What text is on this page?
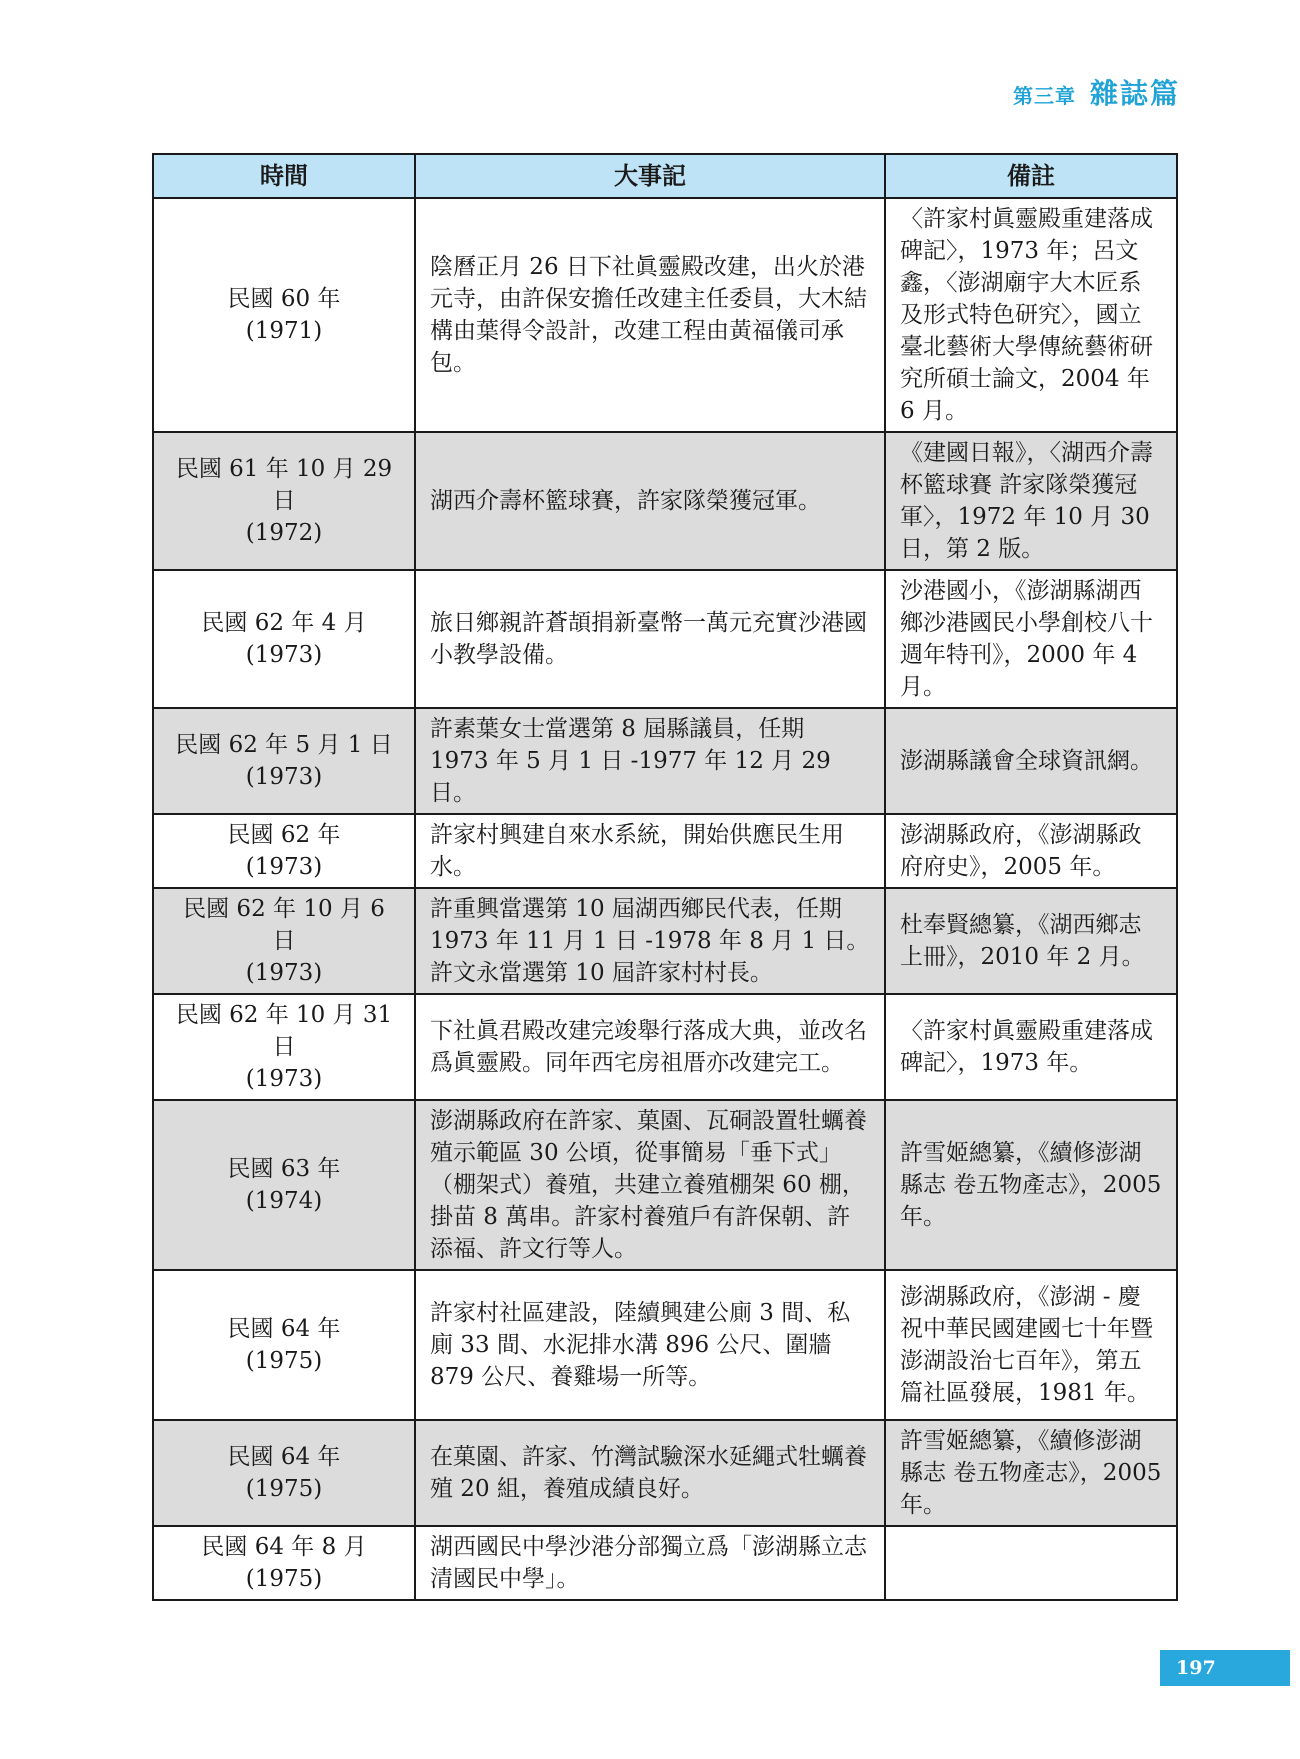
第三章 雜誌篇
時間	大事記	備註

民國 60 年
(1971)	陰曆正月 26 日下社眞靈殿改建，出火於港元寺，由許保安擔任改建主任委員，大木結構由葉得令設計，改建工程由黃福儀司承包。	〈許家村眞靈殿重建落成碑記〉，1973 年；呂文鑫，〈澎湖廟宇大木匠系及形式特色研究〉，國立臺北藝術大學傳統藝術研究所碩士論文，2004 年 6 月。

民國 61 年 10 月 29 日
(1972)	湖西介壽杯籃球賽，許家隊榮獲冠軍。	《建國日報》，〈湖西介壽杯籃球賽 許家隊榮獲冠軍〉，1972 年 10 月 30 日，第 2 版。

民國 62 年 4 月
(1973)	旅日鄉親許蒼頡捐新臺幣一萬元充實沙港國小教學設備。	沙港國小，《澎湖縣湖西鄉沙港國民小學創校八十週年特刊》，2000 年 4 月。

民國 62 年 5 月 1 日
(1973)	許素葉女士當選第 8 屆縣議員，任期 1973 年 5 月 1 日 -1977 年 12 月 29 日。	澎湖縣議會全球資訊網。

民國 62 年
(1973)	許家村興建自來水系統，開始供應民生用水。	澎湖縣政府，《澎湖縣政府府史》，2005 年。

民國 62 年 10 月 6 日
(1973)	許重興當選第 10 屆湖西鄉民代表，任期 1973 年 11 月 1 日 -1978 年 8 月 1 日。許文永當選第 10 屆許家村村長。	杜奉賢總纂，《湖西鄉志上冊》，2010 年 2 月。

民國 62 年 10 月 31 日
(1973)	下社眞君殿改建完竣舉行落成大典，並改名爲眞靈殿。同年西宅房祖厝亦改建完工。	〈許家村眞靈殿重建落成碑記〉，1973 年。

民國 63 年
(1974)	澎湖縣政府在許家、菓園、瓦硐設置牡蠣養殖示範區 30 公頃，從事簡易「垂下式」（棚架式）養殖，共建立養殖棚架 60 棚，掛苗 8 萬串。許家村養殖戶有許保朝、許添福、許文行等人。	許雪姬總纂，《續修澎湖縣志 卷五物產志》，2005 年。

民國 64 年
(1975)	許家村社區建設，陸續興建公廁 3 間、私廁 33 間、水泥排水溝 896 公尺、圍牆 879 公尺、養雞場一所等。	澎湖縣政府，《澎湖 - 慶祝中華民國建國七十年暨澎湖設治七百年》，第五篇社區發展，1981 年。

民國 64 年
(1975)	在菓園、許家、竹灣試驗深水延繩式牡蠣養殖 20 組，養殖成績良好。	許雪姬總纂，《續修澎湖縣志 卷五物產志》，2005 年。

民國 64 年 8 月
(1975)	湖西國民中學沙港分部獨立爲「澎湖縣立志清國民中學」。	
197
